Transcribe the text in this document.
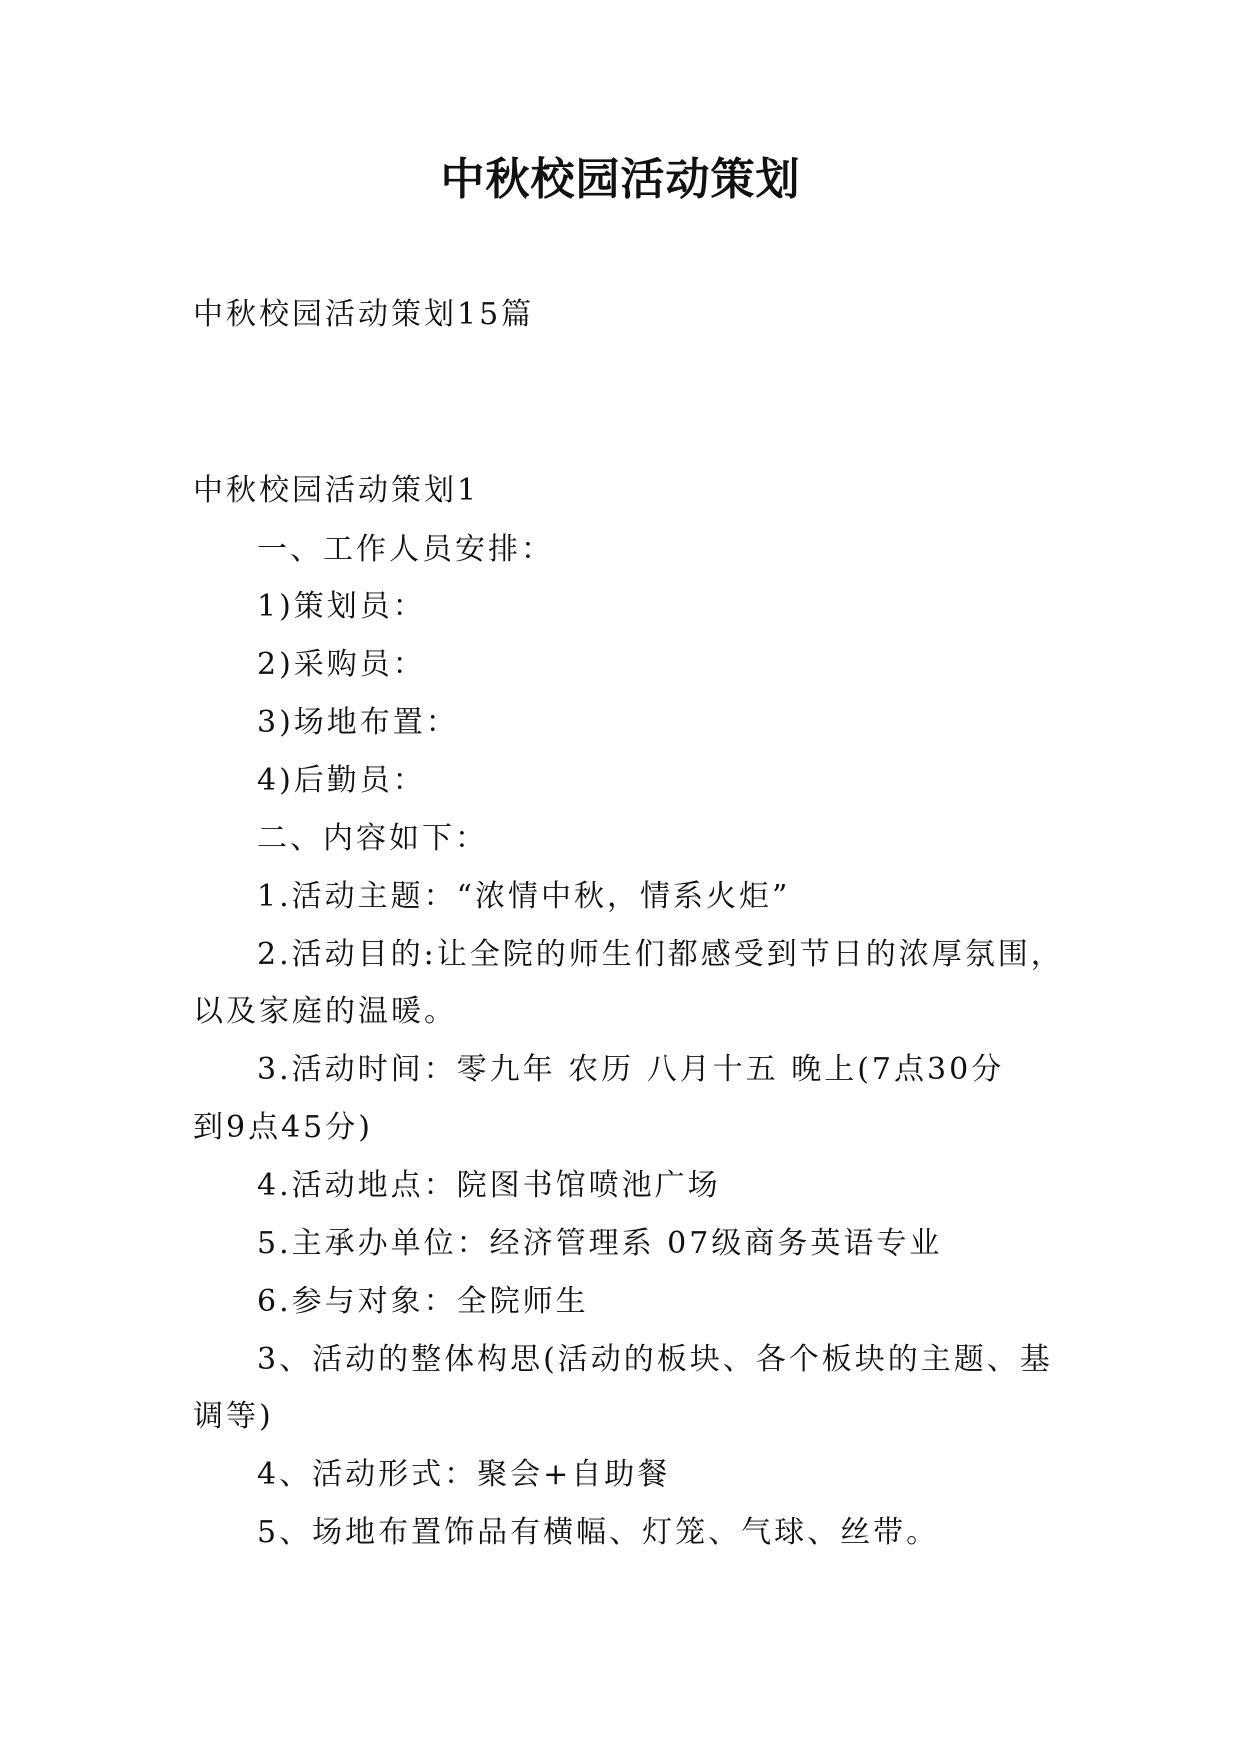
中秋校园活动策划
中秋校园活动策划15篇
中秋校园活动策划1
一、工作人员安排：
1)策划员：
2)采购员：
3)场地布置：
4)后勤员：
二、内容如下：
1.活动主题：“浓情中秋，情系火炬”
2.活动目的:让全院的师生们都感受到节日的浓厚氛围，
以及家庭的温暖。
3.活动时间：零九年 农历 八月十五 晚上(7点30分
到9点45分)
4.活动地点：院图书馆喷池广场
5.主承办单位：经济管理系 07级商务英语专业
6.参与对象：全院师生
3、活动的整体构思(活动的板块、各个板块的主题、基
调等)
4、活动形式：聚会+自助餐
5、场地布置饰品有横幅、灯笼、气球、丝带。
